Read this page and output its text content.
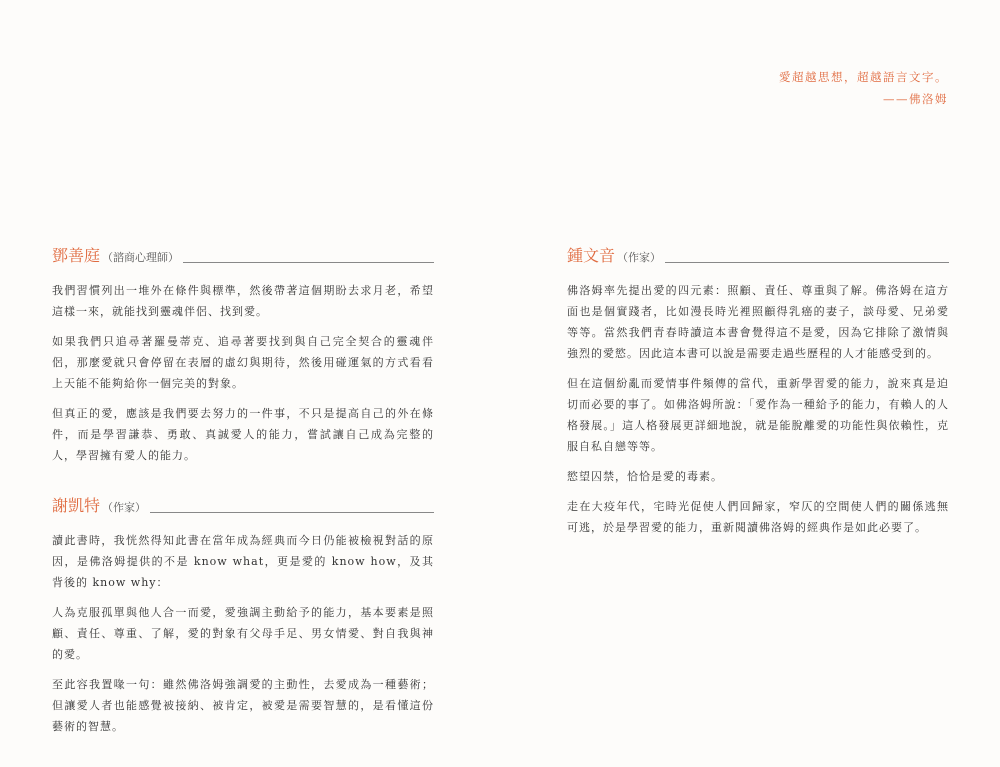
愛超越思想，超越語言文字。
——佛洛姆
鄧善庭 （諮商心理師）

我們習慣列出一堆外在條件與標準，然後帶著這個期盼去求月老，希望這樣一來，就能找到靈魂伴侶、找到愛。

如果我們只追尋著羅曼蒂克、追尋著要找到與自己完全契合的靈魂伴侶，那麼愛就只會停留在表層的虛幻與期待，然後用碰運氣的方式看看上天能不能夠給你一個完美的對象。

但真正的愛，應該是我們要去努力的一件事，不只是提高自己的外在條件，而是學習謙恭、勇敢、真誠愛人的能力，嘗試讓自己成為完整的人，學習擁有愛人的能力。

謝凱特 （作家）

讀此書時，我恍然得知此書在當年成為經典而今日仍能被檢視對話的原因，是佛洛姆提供的不是 know what，更是愛的 know how，及其背後的 know why：

人為克服孤單與他人合一而愛，愛強調主動給予的能力，基本要素是照顧、責任、尊重、了解，愛的對象有父母手足、男女情愛、對自我與神的愛。

至此容我置喙一句：雖然佛洛姆強調愛的主動性，去愛成為一種藝術；但讓愛人者也能感覺被接納、被肯定，被愛是需要智慧的，是看懂這份藝術的智慧。

鍾文音 （作家）

佛洛姆率先提出愛的四元素：照顧、責任、尊重與了解。佛洛姆在這方面也是個實踐者，比如漫長時光裡照顧得乳癌的妻子，談母愛、兄弟愛等等。當然我們青春時讀這本書會覺得這不是愛，因為它排除了激情與強烈的愛慾。因此這本書可以說是需要走過些歷程的人才能感受到的。

但在這個紛亂而愛情事件頻傳的當代，重新學習愛的能力，說來真是迫切而必要的事了。如佛洛姆所說：「愛作為一種給予的能力，有賴人的人格發展。」這人格發展更詳細地說，就是能脫離愛的功能性與依賴性，克服自私自戀等等。

慾望囚禁，恰恰是愛的毒素。

走在大疫年代，宅時光促使人們回歸家，窄仄的空間使人們的關係逃無可逃，於是學習愛的能力，重新閱讀佛洛姆的經典作是如此必要了。
